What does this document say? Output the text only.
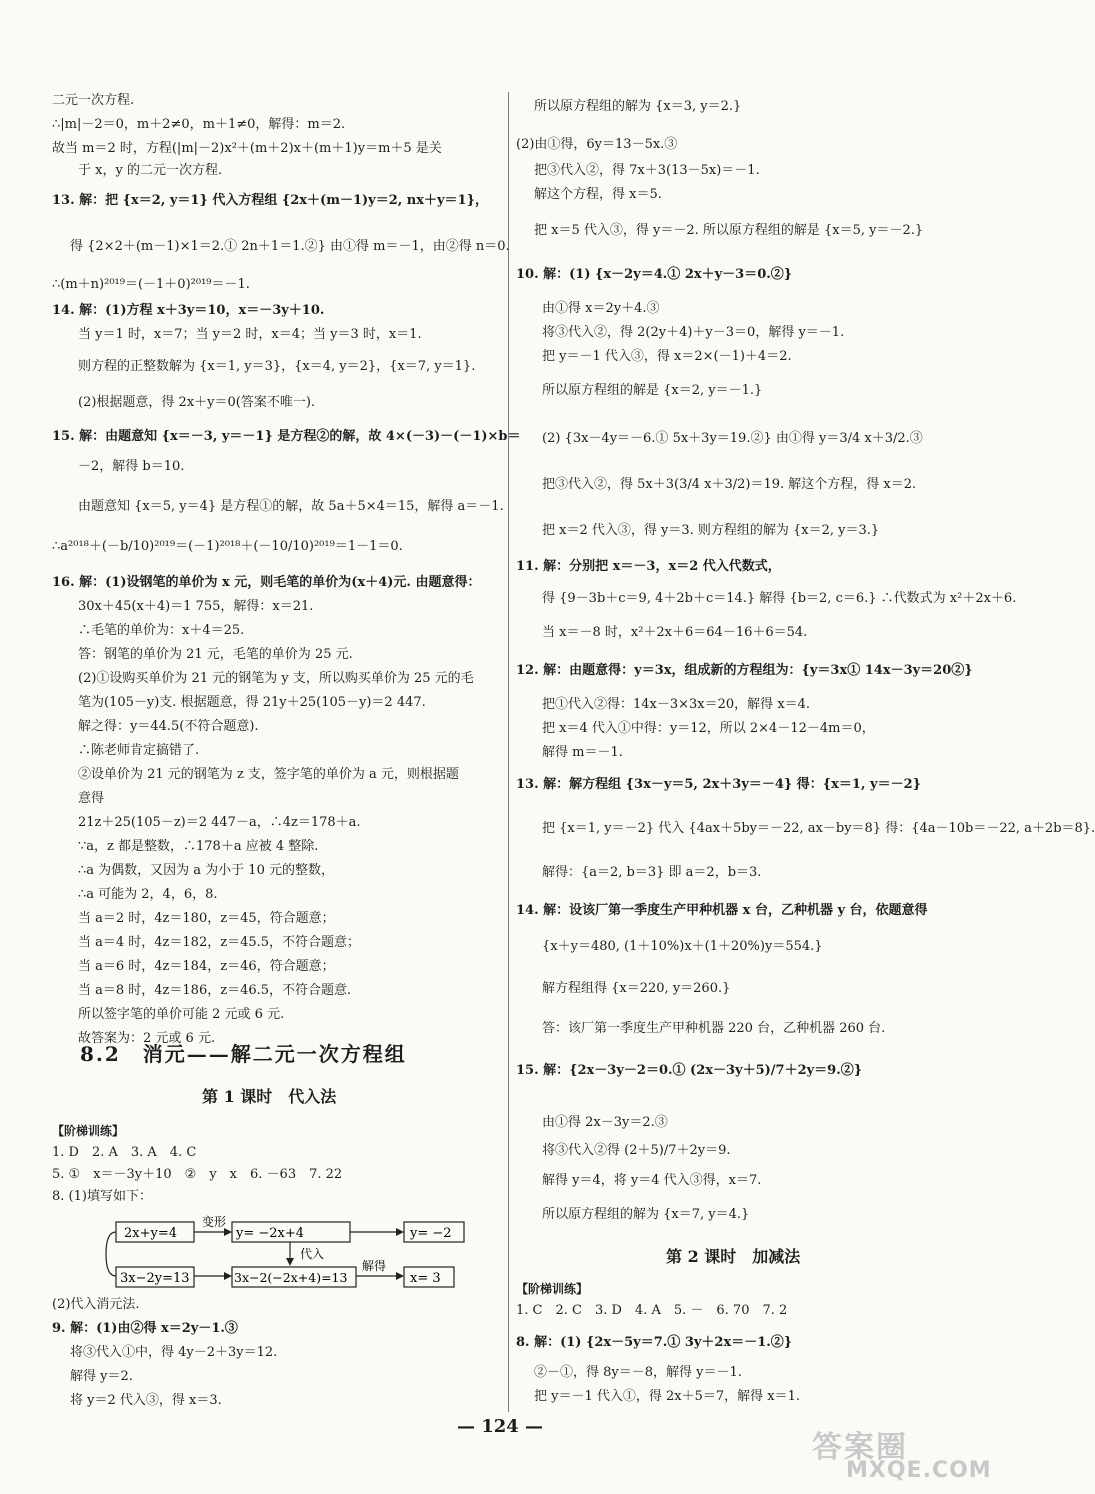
二元一次方程.
∴|m|－2＝0，m＋2≠0，m＋1≠0，解得：m＝2.
故当 m＝2 时，方程(|m|－2)x²＋(m＋2)x＋(m＋1)y＝m＋5 是关
于 x，y 的二元一次方程.
13. 解：把 {x＝2, y＝1} 代入方程组 {2x＋(m－1)y＝2, nx＋y＝1}，
得 {2×2＋(m－1)×1＝2.① 2n＋1＝1.②} 由①得 m＝－1，由②得 n＝0.
∴(m＋n)²⁰¹⁹＝(－1＋0)²⁰¹⁹＝－1.
14. 解：(1)方程 x＋3y＝10，x＝－3y＋10.
当 y＝1 时，x＝7；当 y＝2 时，x＝4；当 y＝3 时，x＝1.
则方程的正整数解为 {x＝1, y＝3}，{x＝4, y＝2}，{x＝7, y＝1}.
(2)根据题意，得 2x＋y＝0(答案不唯一).
15. 解：由题意知 {x＝－3, y＝－1} 是方程②的解，故 4×(－3)－(－1)×b＝
－2，解得 b＝10.
由题意知 {x＝5, y＝4} 是方程①的解，故 5a＋5×4＝15，解得 a＝－1.
∴a²⁰¹⁸＋(－b/10)²⁰¹⁹＝(－1)²⁰¹⁸＋(－10/10)²⁰¹⁹＝1－1＝0.
16. 解：(1)设钢笔的单价为 x 元，则毛笔的单价为(x＋4)元. 由题意得：
30x＋45(x＋4)＝1 755，解得：x＝21.
∴毛笔的单价为：x＋4＝25.
答：钢笔的单价为 21 元，毛笔的单价为 25 元.
(2)①设购买单价为 21 元的钢笔为 y 支，所以购买单价为 25 元的毛
笔为(105－y)支. 根据题意，得 21y＋25(105－y)＝2 447.
解之得：y＝44.5(不符合题意).
∴陈老师肯定搞错了.
②设单价为 21 元的钢笔为 z 支，签字笔的单价为 a 元，则根据题
意得
21z＋25(105－z)＝2 447－a，∴4z＝178＋a.
∵a，z 都是整数，∴178＋a 应被 4 整除.
∴a 为偶数，又因为 a 为小于 10 元的整数，
∴a 可能为 2，4，6，8.
当 a＝2 时，4z＝180，z＝45，符合题意；
当 a＝4 时，4z＝182，z＝45.5，不符合题意；
当 a＝6 时，4z＝184，z＝46，符合题意；
当 a＝8 时，4z＝186，z＝46.5，不符合题意.
所以签字笔的单价可能 2 元或 6 元.
故答案为：2 元或 6 元.
8.2　消元——解二元一次方程组
第 1 课时　代入法
【阶梯训练】
1. D　2. A　3. A　4. C
5. ①　x＝－3y＋10　②　y　x　6. －63　7. 22
8. (1)填写如下：
2x+y=4
3x−2y=13
变形
y= −2x+4	y= −2
代入
3x−2(−2x+4)=13
解得
x= 3
(2)代入消元法.
9. 解：(1)由②得 x＝2y－1.③
将③代入①中，得 4y－2＋3y＝12.
解得 y＝2.
将 y＝2 代入③，得 x＝3.
所以原方程组的解为 {x＝3, y＝2.}
(2)由①得，6y＝13－5x.③
把③代入②，得 7x＋3(13－5x)＝－1.
解这个方程，得 x＝5.
把 x＝5 代入③，得 y＝－2. 所以原方程组的解是 {x＝5, y＝－2.}
10. 解：(1) {x－2y＝4.① 2x＋y－3＝0.②}
由①得 x＝2y＋4.③
将③代入②，得 2(2y＋4)＋y－3＝0，解得 y＝－1.
把 y＝－1 代入③，得 x＝2×(－1)＋4＝2.
所以原方程组的解是 {x＝2, y＝－1.}
(2) {3x－4y＝－6.① 5x＋3y＝19.②} 由①得 y＝3/4 x＋3/2.③
把③代入②，得 5x＋3(3/4 x＋3/2)＝19. 解这个方程，得 x＝2.
把 x＝2 代入③，得 y＝3. 则方程组的解为 {x＝2, y＝3.}
11. 解：分别把 x＝－3，x＝2 代入代数式，
得 {9－3b＋c＝9, 4＋2b＋c＝14.} 解得 {b＝2, c＝6.} ∴代数式为 x²＋2x＋6.
当 x＝－8 时，x²＋2x＋6＝64－16＋6＝54.
12. 解：由题意得：y＝3x，组成新的方程组为：{y＝3x① 14x－3y＝20②}
把①代入②得：14x－3×3x＝20，解得 x＝4.
把 x＝4 代入①中得：y＝12，所以 2×4－12－4m＝0，
解得 m＝－1.
13. 解：解方程组 {3x－y＝5, 2x＋3y＝－4} 得：{x＝1, y＝－2}
把 {x＝1, y＝－2} 代入 {4ax＋5by＝－22, ax－by＝8} 得：{4a－10b＝－22, a＋2b＝8}.
解得：{a＝2, b＝3} 即 a＝2，b＝3.
14. 解：设该厂第一季度生产甲种机器 x 台，乙种机器 y 台，依题意得
{x＋y＝480, (1＋10%)x＋(1＋20%)y＝554.}
解方程组得 {x＝220, y＝260.}
答：该厂第一季度生产甲种机器 220 台，乙种机器 260 台.
15. 解：{2x－3y－2＝0.① (2x－3y＋5)/7＋2y＝9.②}
由①得 2x－3y＝2.③
将③代入②得 (2＋5)/7＋2y＝9.
解得 y＝4，将 y＝4 代入③得，x＝7.
所以原方程组的解为 {x＝7, y＝4.}
第 2 课时　加减法
【阶梯训练】
1. C　2. C　3. D　4. A　5. －　6. 70　7. 2
8. 解：(1) {2x－5y＝7.① 3y＋2x＝－1.②}
②－①，得 8y＝－8，解得 y＝－1.
把 y＝－1 代入①，得 2x＋5＝7，解得 x＝1.
— 124 —
答案圈
MXQE.COM
